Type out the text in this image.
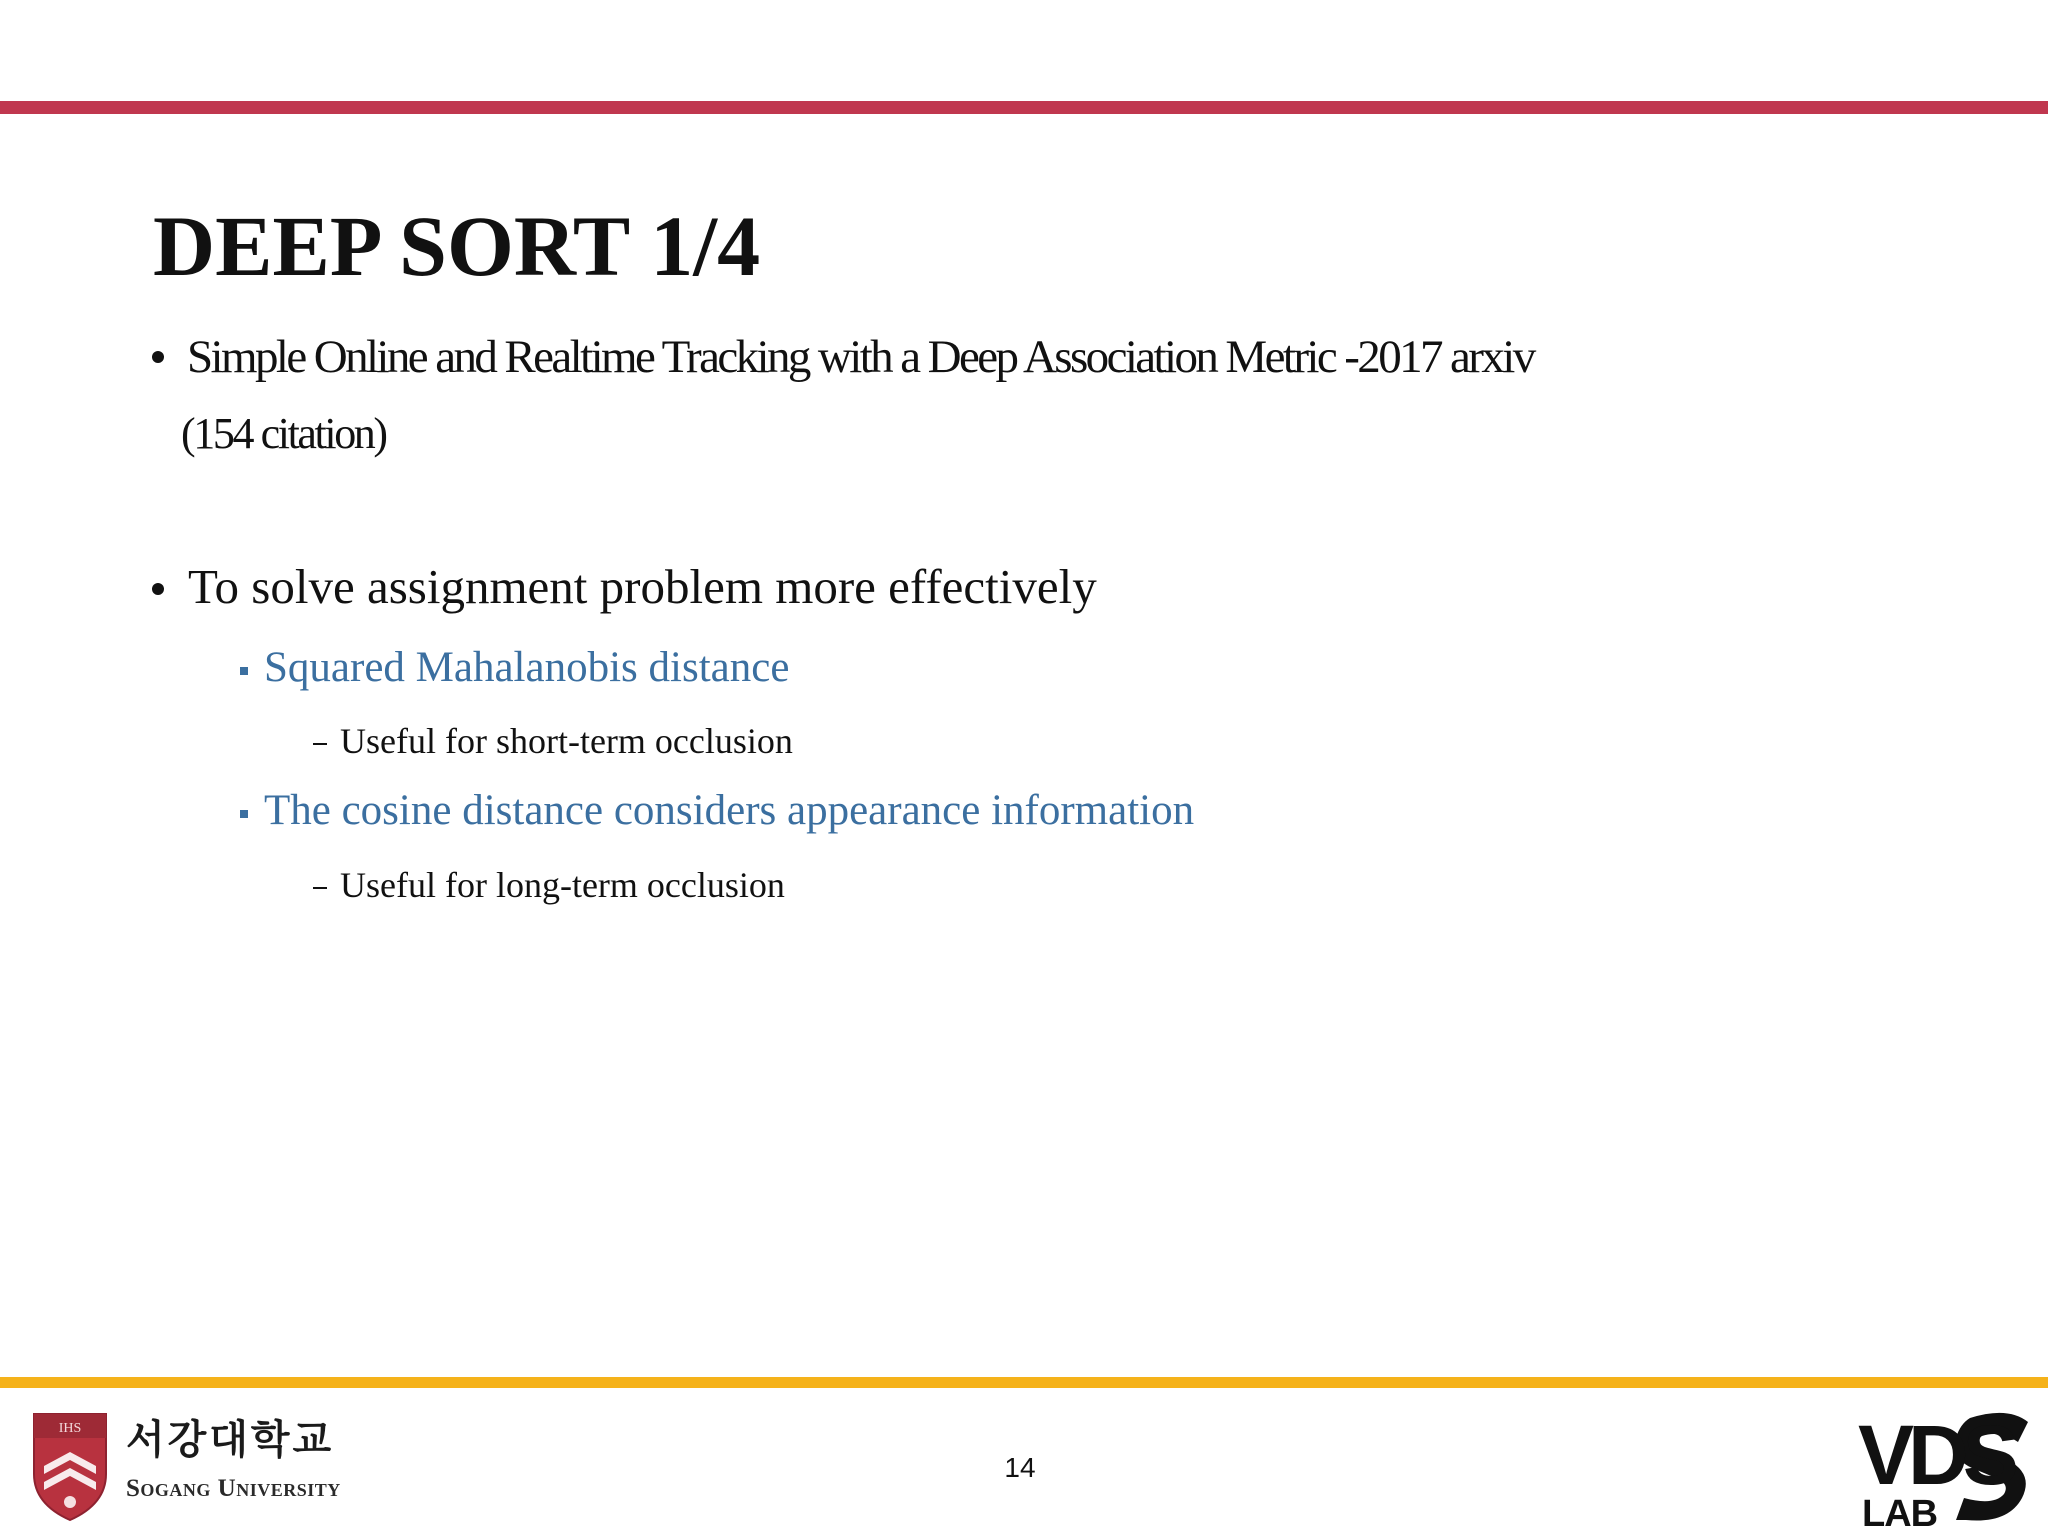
DEEP SORT 1/4
Simple Online and Realtime Tracking with a Deep Association Metric -2017 arxiv
(154 citation)
To solve assignment problem more effectively
Squared Mahalanobis distance
Useful for short-term occlusion
The cosine distance considers appearance information
Useful for long-term occlusion
IHS 서강대학교
Sogang University
14	VDS
LAB
